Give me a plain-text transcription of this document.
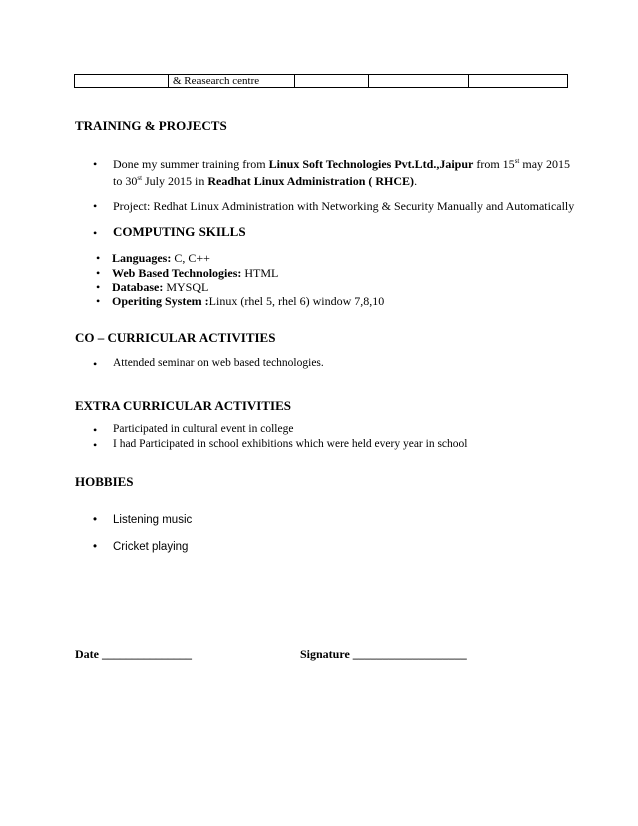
& Reasearch centre
TRAINING & PROJECTS
• Done my summer training from Linux Soft Technologies Pvt.Ltd.,Jaipur from 15st may 2015
to 30st July 2015 in Readhat Linux Administration ( RHCE).
• Project: Redhat Linux Administration with Networking & Security Manually and Automatically
• COMPUTING SKILLS
• Languages: C, C++
• Web Based Technologies: HTML
• Database: MYSQL
• Operiting System :Linux (rhel 5, rhel 6) window 7,8,10
CO – CURRICULAR ACTIVITIES
• Attended seminar on web based technologies.
EXTRA CURRICULAR ACTIVITIES
• Participated in cultural event in college
• I had Participated in school exhibitions which were held every year in school
HOBBIES
• Listening music
• Cricket playing
Date _______________	Signature ___________________
